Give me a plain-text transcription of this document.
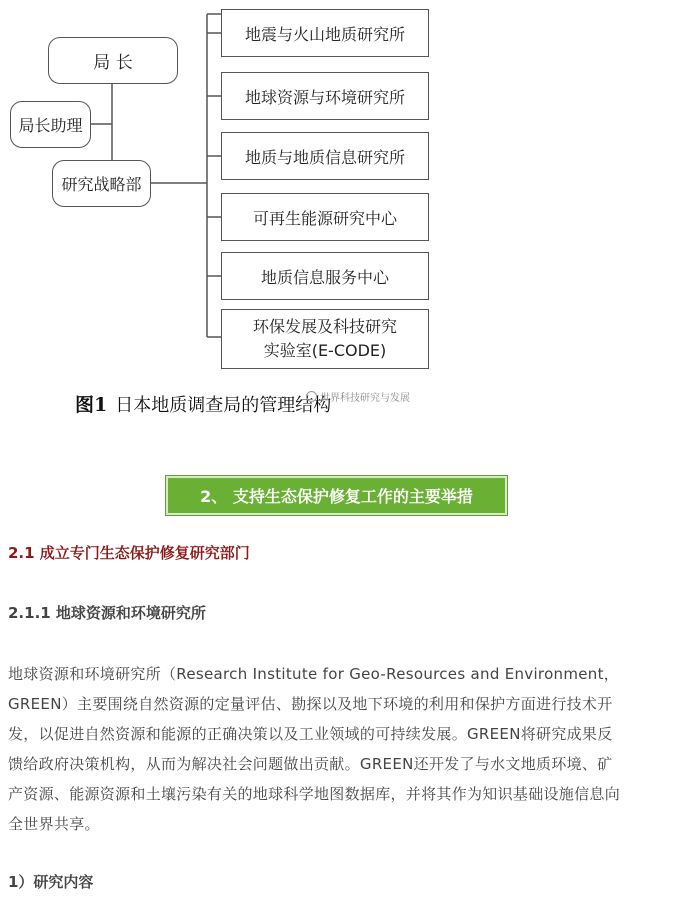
局 长
局长助理
研究战略部
地震与火山地质研究所
地球资源与环境研究所
地质与地质信息研究所
可再生能源研究中心
地质信息服务中心
环保发展及科技研究
实验室(E-CODE)
图1 日本地质调查局的管理结构
世界科技研究与发展
2、 支持生态保护修复工作的主要举措
2.1 成立专门生态保护修复研究部门
2.1.1 地球资源和环境研究所
地球资源和环境研究所（Research Institute for Geo-Resources and Environment，
GREEN）主要围绕自然资源的定量评估、勘探以及地下环境的利用和保护方面进行技术开
发，以促进自然资源和能源的正确决策以及工业领域的可持续发展。GREEN将研究成果反
馈给政府决策机构，从而为解决社会问题做出贡献。GREEN还开发了与水文地质环境、矿
产资源、能源资源和土壤污染有关的地球科学地图数据库，并将其作为知识基础设施信息向
全世界共享。
1）研究内容
